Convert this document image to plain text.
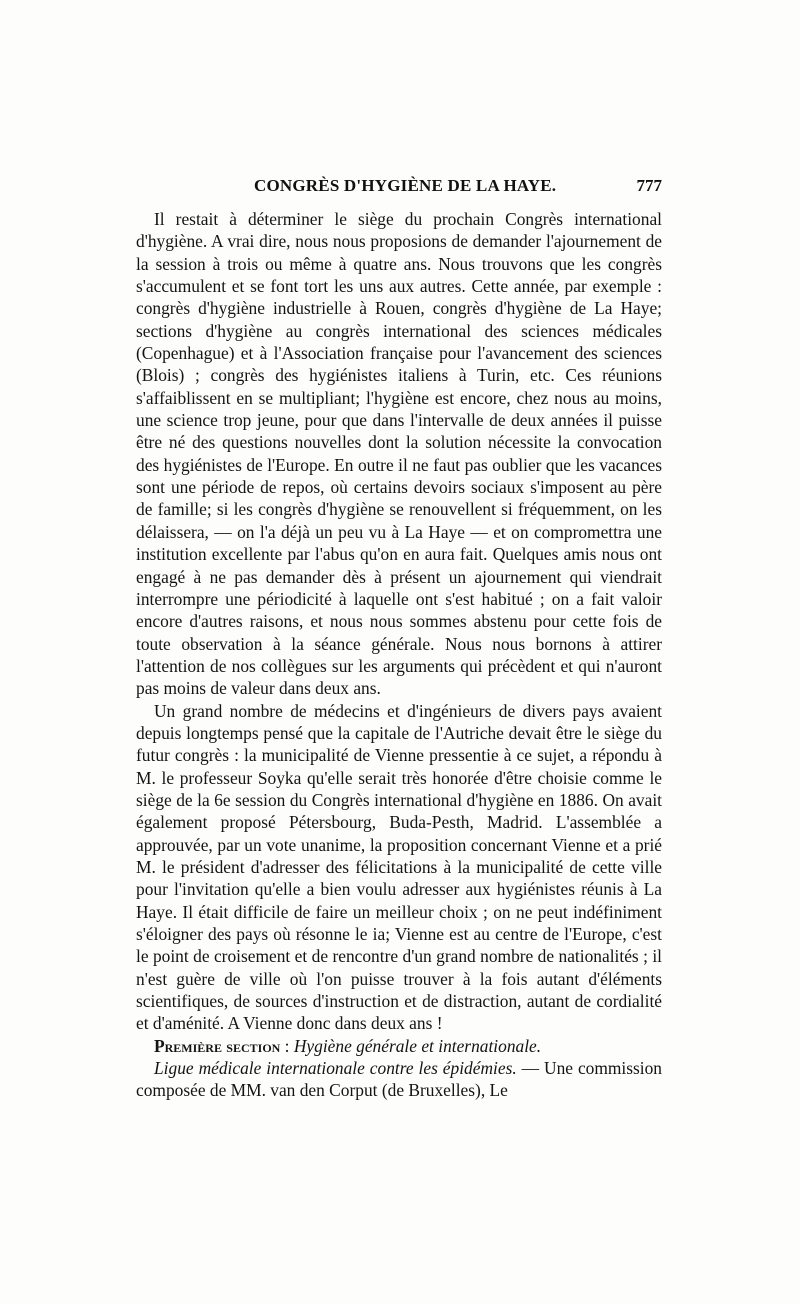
CONGRÈS D'HYGIÈNE DE LA HAYE.	777

Il restait à déterminer le siège du prochain Congrès international d'hygiène. A vrai dire, nous nous proposions de demander l'ajournement de la session à trois ou même à quatre ans. Nous trouvons que les congrès s'accumulent et se font tort les uns aux autres. Cette année, par exemple : congrès d'hygiène industrielle à Rouen, congrès d'hygiène de La Haye; sections d'hygiène au congrès international des sciences médicales (Copenhague) et à l'Association française pour l'avancement des sciences (Blois) ; congrès des hygiénistes italiens à Turin, etc. Ces réunions s'affaiblissent en se multipliant; l'hygiène est encore, chez nous au moins, une science trop jeune, pour que dans l'intervalle de deux années il puisse être né des questions nouvelles dont la solution nécessite la convocation des hygiénistes de l'Europe. En outre il ne faut pas oublier que les vacances sont une période de repos, où certains devoirs sociaux s'imposent au père de famille; si les congrès d'hygiène se renouvellent si fréquemment, on les délaissera, — on l'a déjà un peu vu à La Haye — et on compromettra une institution excellente par l'abus qu'on en aura fait. Quelques amis nous ont engagé à ne pas demander dès à présent un ajournement qui viendrait interrompre une périodicité à laquelle ont s'est habitué ; on a fait valoir encore d'autres raisons, et nous nous sommes abstenu pour cette fois de toute observation à la séance générale. Nous nous bornons à attirer l'attention de nos collègues sur les arguments qui précèdent et qui n'auront pas moins de valeur dans deux ans.

Un grand nombre de médecins et d'ingénieurs de divers pays avaient depuis longtemps pensé que la capitale de l'Autriche devait être le siège du futur congrès : la municipalité de Vienne pressentie à ce sujet, a répondu à M. le professeur Soyka qu'elle serait très honorée d'être choisie comme le siège de la 6e session du Congrès international d'hygiène en 1886. On avait également proposé Pétersbourg, Buda-Pesth, Madrid. L'assemblée a approuvée, par un vote unanime, la proposition concernant Vienne et a prié M. le président d'adresser des félicitations à la municipalité de cette ville pour l'invitation qu'elle a bien voulu adresser aux hygiénistes réunis à La Haye. Il était difficile de faire un meilleur choix ; on ne peut indéfiniment s'éloigner des pays où résonne le ia; Vienne est au centre de l'Europe, c'est le point de croisement et de rencontre d'un grand nombre de nationalités ; il n'est guère de ville où l'on puisse trouver à la fois autant d'éléments scientifiques, de sources d'instruction et de distraction, autant de cordialité et d'aménité. A Vienne donc dans deux ans !

Première section : Hygiène générale et internationale.

Ligue médicale internationale contre les épidémies. — Une commission composée de MM. van den Corput (de Bruxelles), Le
